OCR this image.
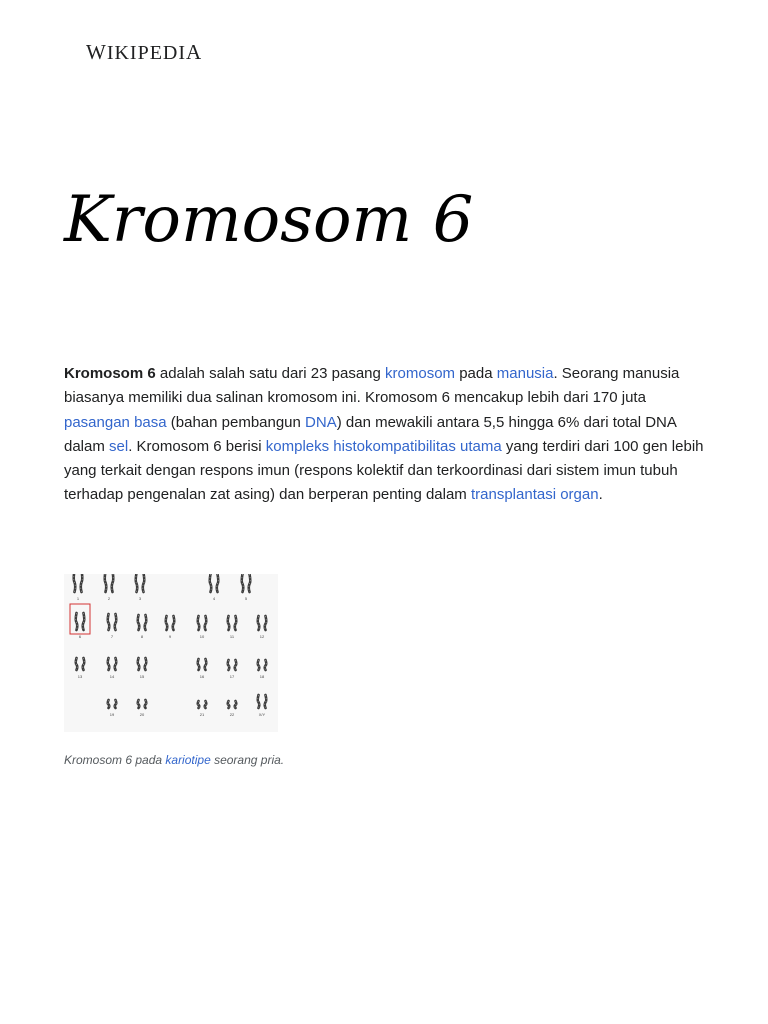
WIKIPEDIA
Kromosom 6

Kromosom 6 adalah salah satu dari 23 pasang kromosom pada manusia. Seorang manusia biasanya memiliki dua salinan kromosom ini. Kromosom 6 mencakup lebih dari 170 juta pasangan basa (bahan pembangun DNA) dan mewakili antara 5,5 hingga 6% dari total DNA dalam sel. Kromosom 6 berisi kompleks histokompatibilitas utama yang terdiri dari 100 gen lebih yang terkait dengan respons imun (respons kolektif dan terkoordinasi dari sistem imun tubuh terhadap pengenalan zat asing) dan berperan penting dalam transplantasi organ.

1	2	3	4	5
6	7	8	9	10	11	12
13	14	15	16	17	18
19	20	21	22	X/Y
Kromosom 6 pada kariotipe seorang pria.
